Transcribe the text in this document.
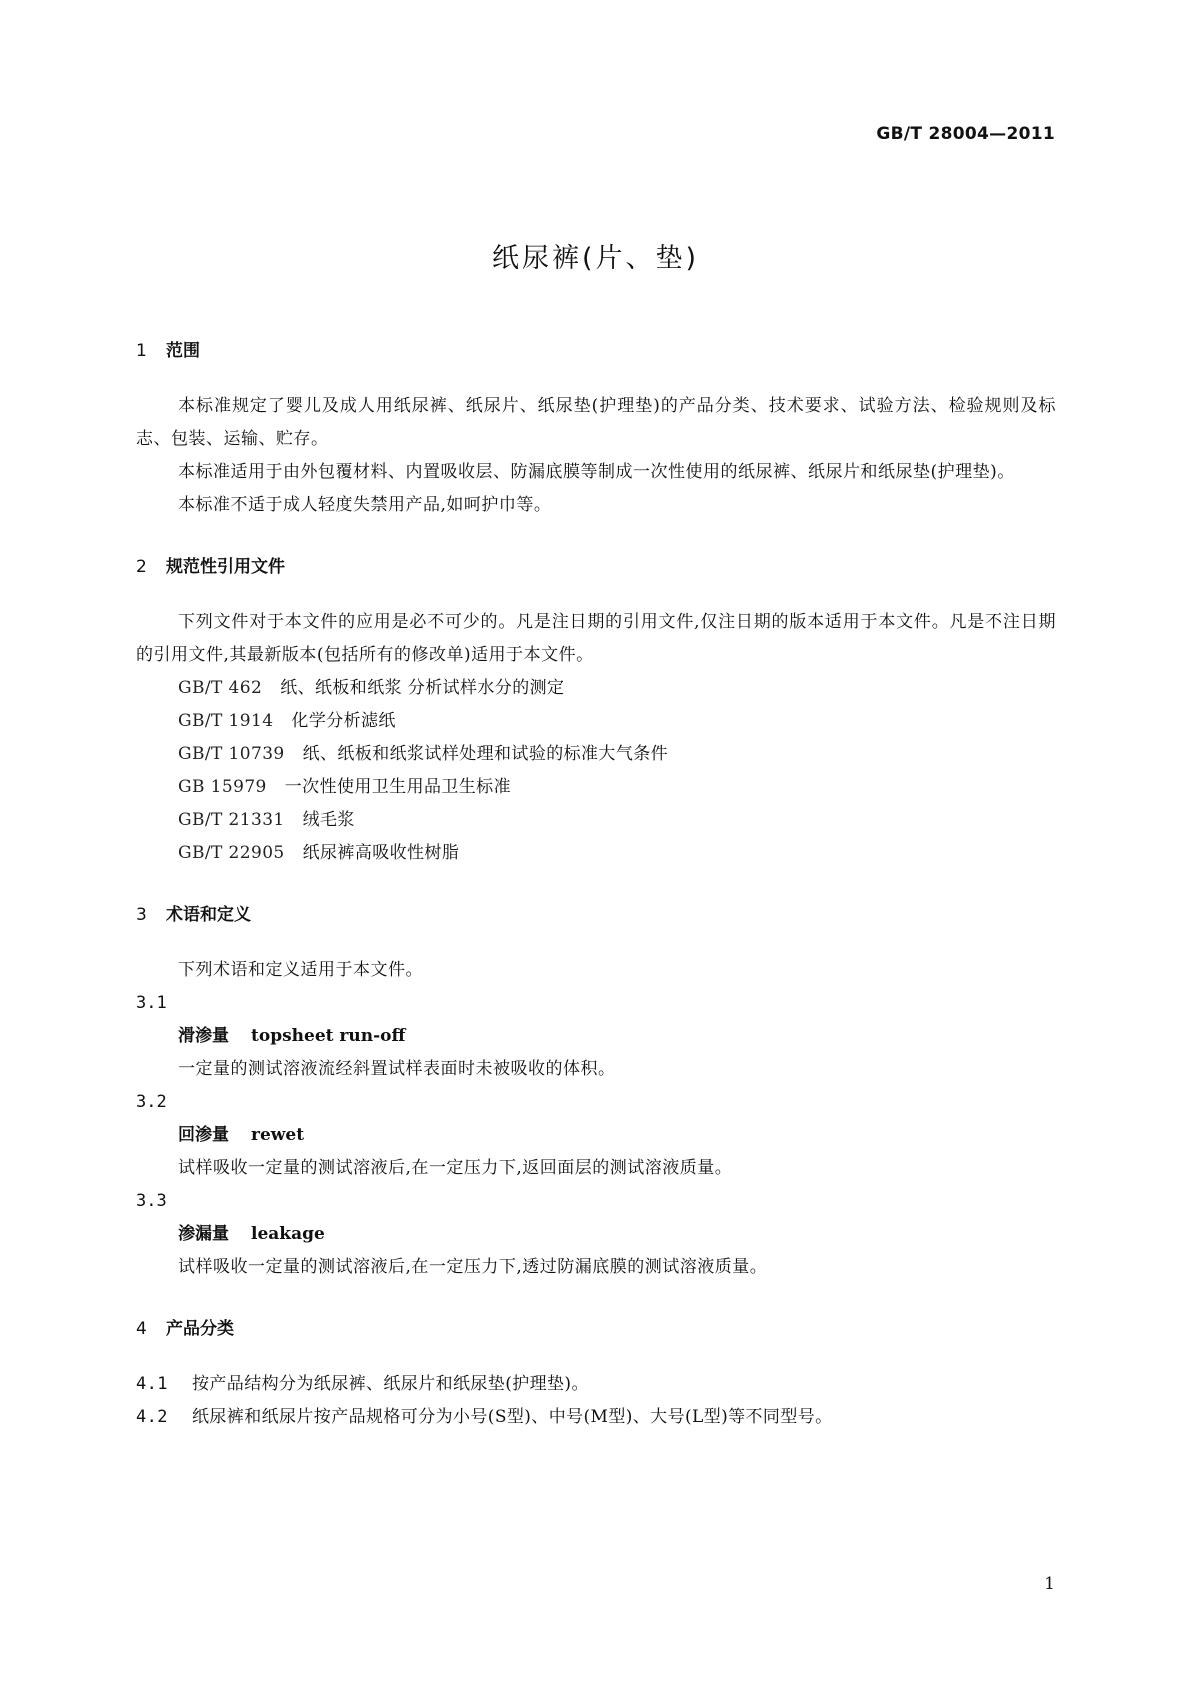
GB/T 28004—2011
纸尿裤(片、垫)
1 范围

本标准规定了婴儿及成人用纸尿裤、纸尿片、纸尿垫(护理垫)的产品分类、技术要求、试验方法、检验规则及标志、包装、运输、贮存。

本标准适用于由外包覆材料、内置吸收层、防漏底膜等制成一次性使用的纸尿裤、纸尿片和纸尿垫(护理垫)。

本标准不适于成人轻度失禁用产品,如呵护巾等。

2 规范性引用文件

下列文件对于本文件的应用是必不可少的。凡是注日期的引用文件,仅注日期的版本适用于本文件。凡是不注日期的引用文件,其最新版本(包括所有的修改单)适用于本文件。

GB/T 462 纸、纸板和纸浆 分析试样水分的测定
GB/T 1914 化学分析滤纸
GB/T 10739 纸、纸板和纸浆试样处理和试验的标准大气条件
GB 15979 一次性使用卫生用品卫生标准
GB/T 21331 绒毛浆
GB/T 22905 纸尿裤高吸收性树脂
3 术语和定义

下列术语和定义适用于本文件。

3.1
滑渗量 topsheet run-off
一定量的测试溶液流经斜置试样表面时未被吸收的体积。
3.2
回渗量 rewet
试样吸收一定量的测试溶液后,在一定压力下,返回面层的测试溶液质量。
3.3
渗漏量 leakage
试样吸收一定量的测试溶液后,在一定压力下,透过防漏底膜的测试溶液质量。
4 产品分类
4.1 按产品结构分为纸尿裤、纸尿片和纸尿垫(护理垫)。
4.2 纸尿裤和纸尿片按产品规格可分为小号(S型)、中号(M型)、大号(L型)等不同型号。
1
